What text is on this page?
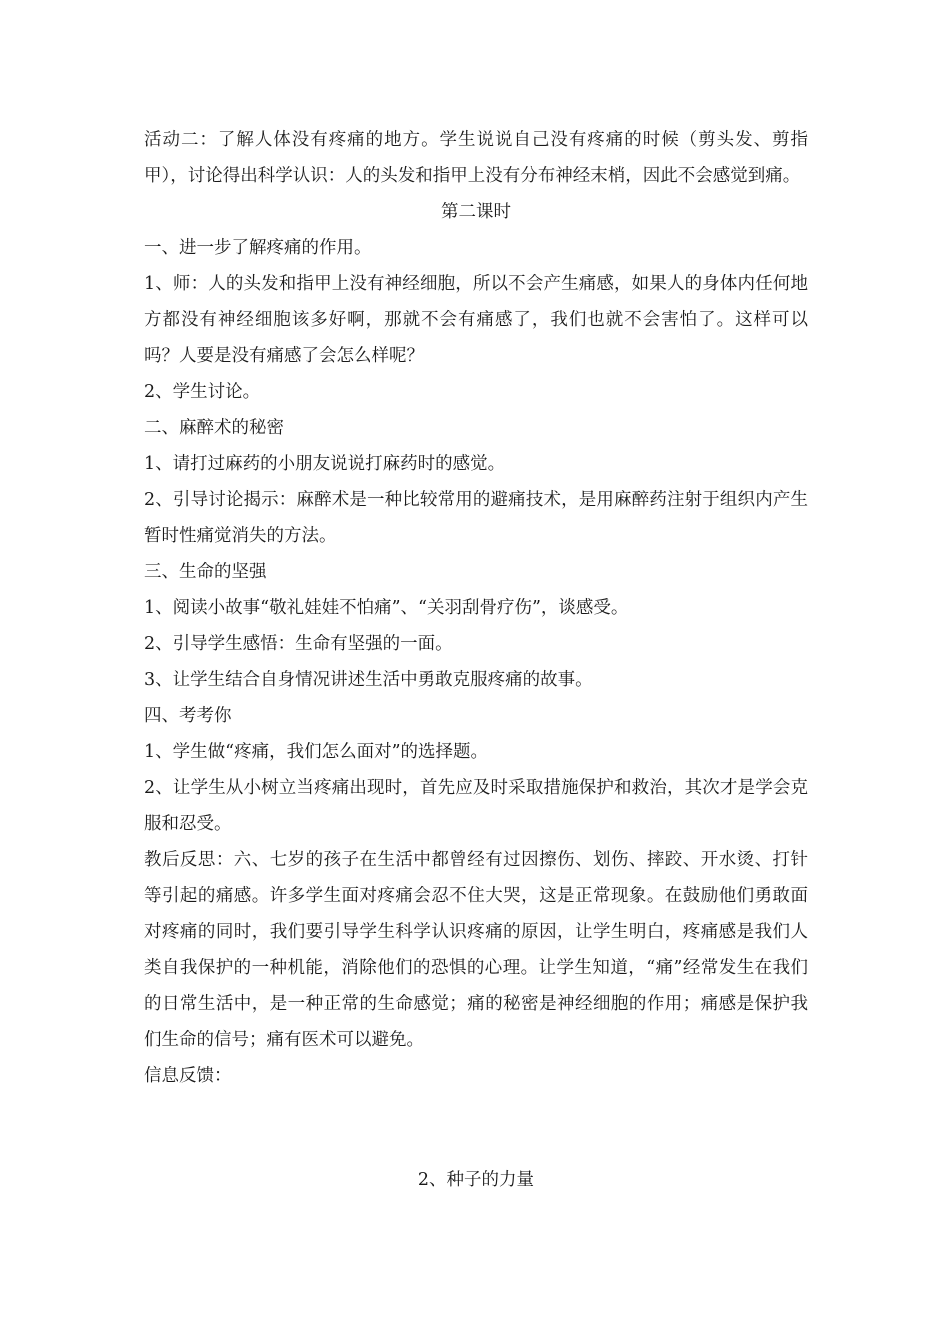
活动二：了解人体没有疼痛的地方。学生说说自己没有疼痛的时候（剪头发、剪指甲），讨论得出科学认识：人的头发和指甲上没有分布神经末梢，因此不会感觉到痛。

第二课时

一、进一步了解疼痛的作用。

1、师：人的头发和指甲上没有神经细胞，所以不会产生痛感，如果人的身体内任何地方都没有神经细胞该多好啊，那就不会有痛感了，我们也就不会害怕了。这样可以吗？人要是没有痛感了会怎么样呢？

2、学生讨论。

二、麻醉术的秘密

1、请打过麻药的小朋友说说打麻药时的感觉。

2、引导讨论揭示：麻醉术是一种比较常用的避痛技术，是用麻醉药注射于组织内产生暂时性痛觉消失的方法。

三、生命的坚强

1、阅读小故事“敬礼娃娃不怕痛”、“关羽刮骨疗伤”，谈感受。

2、引导学生感悟：生命有坚强的一面。

3、让学生结合自身情况讲述生活中勇敢克服疼痛的故事。

四、考考你

1、学生做“疼痛，我们怎么面对”的选择题。

2、让学生从小树立当疼痛出现时，首先应及时采取措施保护和救治，其次才是学会克服和忍受。

教后反思：六、七岁的孩子在生活中都曾经有过因擦伤、划伤、摔跤、开水烫、打针等引起的痛感。许多学生面对疼痛会忍不住大哭，这是正常现象。在鼓励他们勇敢面对疼痛的同时，我们要引导学生科学认识疼痛的原因，让学生明白，疼痛感是我们人类自我保护的一种机能，消除他们的恐惧的心理。让学生知道，“痛”经常发生在我们的日常生活中，是一种正常的生命感觉；痛的秘密是神经细胞的作用；痛感是保护我们生命的信号；痛有医术可以避免。

信息反馈：

2、种子的力量
